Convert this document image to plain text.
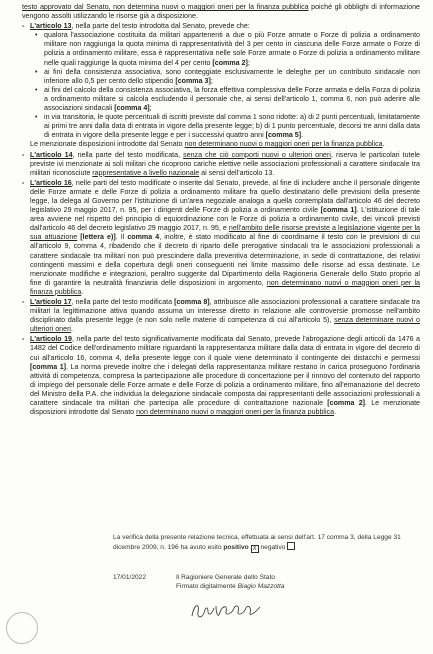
testo approvato dal Senato, non determina nuovi o maggiori oneri per la finanza pubblica poiché gli obblighi di informazione vengono assolti utilizzando le risorse già a disposizione.

- L'articolo 13, nella parte del testo introdotta dal Senato, prevede che:

• qualora l'associazione costituita da militari appartenenti a due o più Forze armate o Forze di polizia a ordinamento militare non raggiunga la quota minima di rappresentatività del 3 per cento in ciascuna delle Forze armate o Forze di polizia a ordinamento militare, essa è rappresentativa nelle sole Forze armate o Forze di polizia a ordinamento militare nelle quali raggiunge la quota minima del 4 per cento [comma 2];
• ai fini della consistenza associativa, sono conteggiate esclusivamente le deleghe per un contributo sindacale non inferiore allo 0,5 per cento dello stipendio [comma 3];
• ai fini del calcolo della consistenza associativa, la forza effettiva complessiva delle Forze armata e della Forza di polizia a ordinamento militare si calcola escludendo il personale che, ai sensi dell'articolo 1, comma 6, non può aderire alle associazioni sindacali [comma 4];
• in via transitoria, le quote percentuali di iscritti previste dal comma 1 sono ridotte: a) di 2 punti percentuali, limitatamente ai primi tre anni dalla data di entrata in vigore della presente legge; b) di 1 punto percentuale, decorsi tre anni dalla data di entrata in vigore della presente legge e per i successivi quattro anni [comma 5].

Le menzionate disposizioni introdotte dal Senato non determinano nuovi o maggiori oneri per la finanza pubblica.

- L'articolo 14, nella parte del testo modificata, senza che ciò comporti nuovi o ulteriori oneri, riserva le particolari tutele previste ivi menzionate ai soli militari che ricoprono cariche elettive nelle associazioni professionali a carattere sindacale tra militari riconosciute rappresentative a livello nazionale ai sensi dell'articolo 13.

- L'articolo 16, nelle parti del testo modificate o inserite dal Senato, prevede, al fine di includere anche il personale dirigente delle Forze armate e delle Forze di polizia a ordinamento militare fra quello destinatario delle previsioni della presente legge, la delega al Governo per l'istituzione di un'area negoziale analoga a quella contemplata dall'articolo 46 del decreto legislativo 29 maggio 2017, n. 95, per i dirigenti delle Forze di polizia a ordinamento civile [comma 1]. L'istituzione di tale area avviene nel rispetto del principio di equiordinazione con le Forze di polizia a ordinamento civile, dei vincoli previsti dall'articolo 46 del decreto legislativo 29 maggio 2017, n. 95, e nell'ambito delle risorse previste a legislazione vigente per la sua attuazione [lettera e)]. Il comma 4, inoltre, è stato modificato al fine di coordinarne il testo con le previsioni di cui all'articolo 9, comma 4, ribadendo che il decreto di riparto delle prerogative sindacali tra le associazioni professionali a carattere sindacale tra militari non può prescindere dalla preventiva determinazione, in sede di contrattazione, dei relativi contingenti massimi e della copertura degli oneri conseguenti nei limite massimo delle risorse ad essa destinate. Le menzionate modifiche e integrazioni, peraltro suggerite dal Dipartimento della Ragioneria Generale dello Stato proprio al fine di garantire la neutralità finanziaria delle disposizioni in argomento, non determinano nuovi o maggiori oneri per la finanza pubblica.

- L'articolo 17, nella parte del testo modificata [comma 8], attribuisce alle associazioni professionali a carattere sindacale tra militari la legittimazione attiva quando assuma un interesse diretto in relazione alle controversie promosse nell'ambito disciplinato dalla presente legge (e non solo nelle materie di competenza di cui all'articolo 5), senza determinare nuovi o ulteriori oneri.

- L'articolo 19, nella parte del testo significativamente modificata dal Senato, prevede l'abrogazione degli articoli da 1476 a 1482 del Codice dell'ordinamento militare riguardanti la rappresentanza militare dalla data di entrata in vigore del decreto di cui all'articolo 16, comma 4, della presente legge con il quale viene determinato il contingente dei distacchi e permessi [comma 1]. La norma prevede inoltre che i delegati della rappresentanza militare restano in carica proseguono l'ordinaria attività di competenza, compresa la partecipazione alle procedure di concertazione per il rinnovo del contenuto del rapporto di impiego del personale delle Forze armate e delle Forze di polizia a ordinamento militare, fino all'emanazione del decreto del Ministro della P.A. che individua la delegazione sindacale composta dai rappresentanti delle associazioni professionali a carattere sindacale tra militari che partecipa alle procedure di contrattazione nazionale [comma 2]. Le menzionate disposizioni introdotte dal Senato non determinano nuovi o maggiori oneri per la finanza pubblica.

La verifica della presente relazione tecnica, effettuata ai sensi dell'art. 17 comma 3, della Legge 31 dicembre 2009, n. 196 ha avuto esito positivo X negativo

17/01/2022	Il Ragioniere Generale dello Stato
Firmato digitalmente Biagio Mazzotta
